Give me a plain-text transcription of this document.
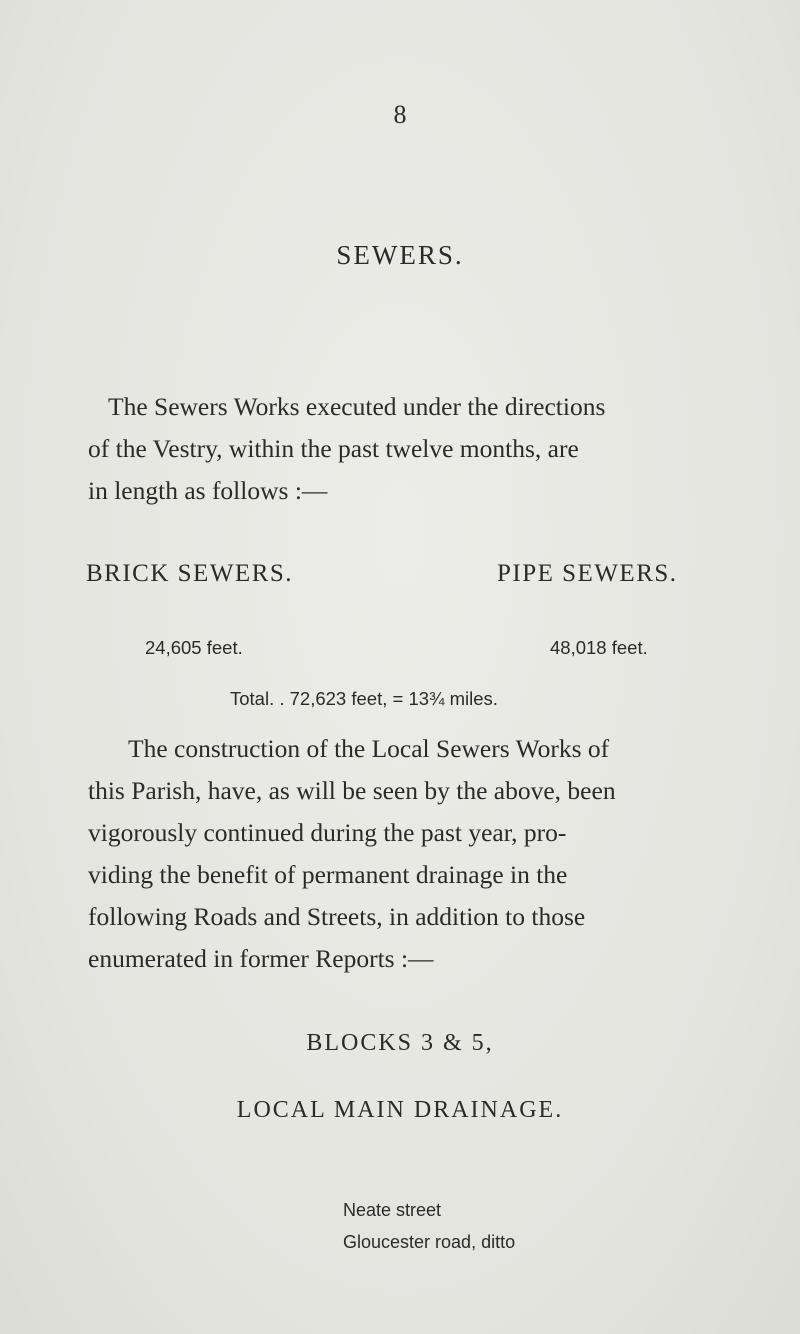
8
SEWERS.
The Sewers Works executed under the directions
of the Vestry, within the past twelve months, are
in length as follows :—
BRICK SEWERS.	PIPE SEWERS.
24,605 feet.	48,018 feet.
Total. . 72,623 feet, = 13¾ miles.
The construction of the Local Sewers Works of
this Parish, have, as will be seen by the above, been
vigorously continued during the past year, pro-
viding the benefit of permanent drainage in the
following Roads and Streets, in addition to those
enumerated in former Reports :—
BLOCKS 3 & 5,
LOCAL MAIN DRAINAGE.
Neate street
Gloucester road, ditto
